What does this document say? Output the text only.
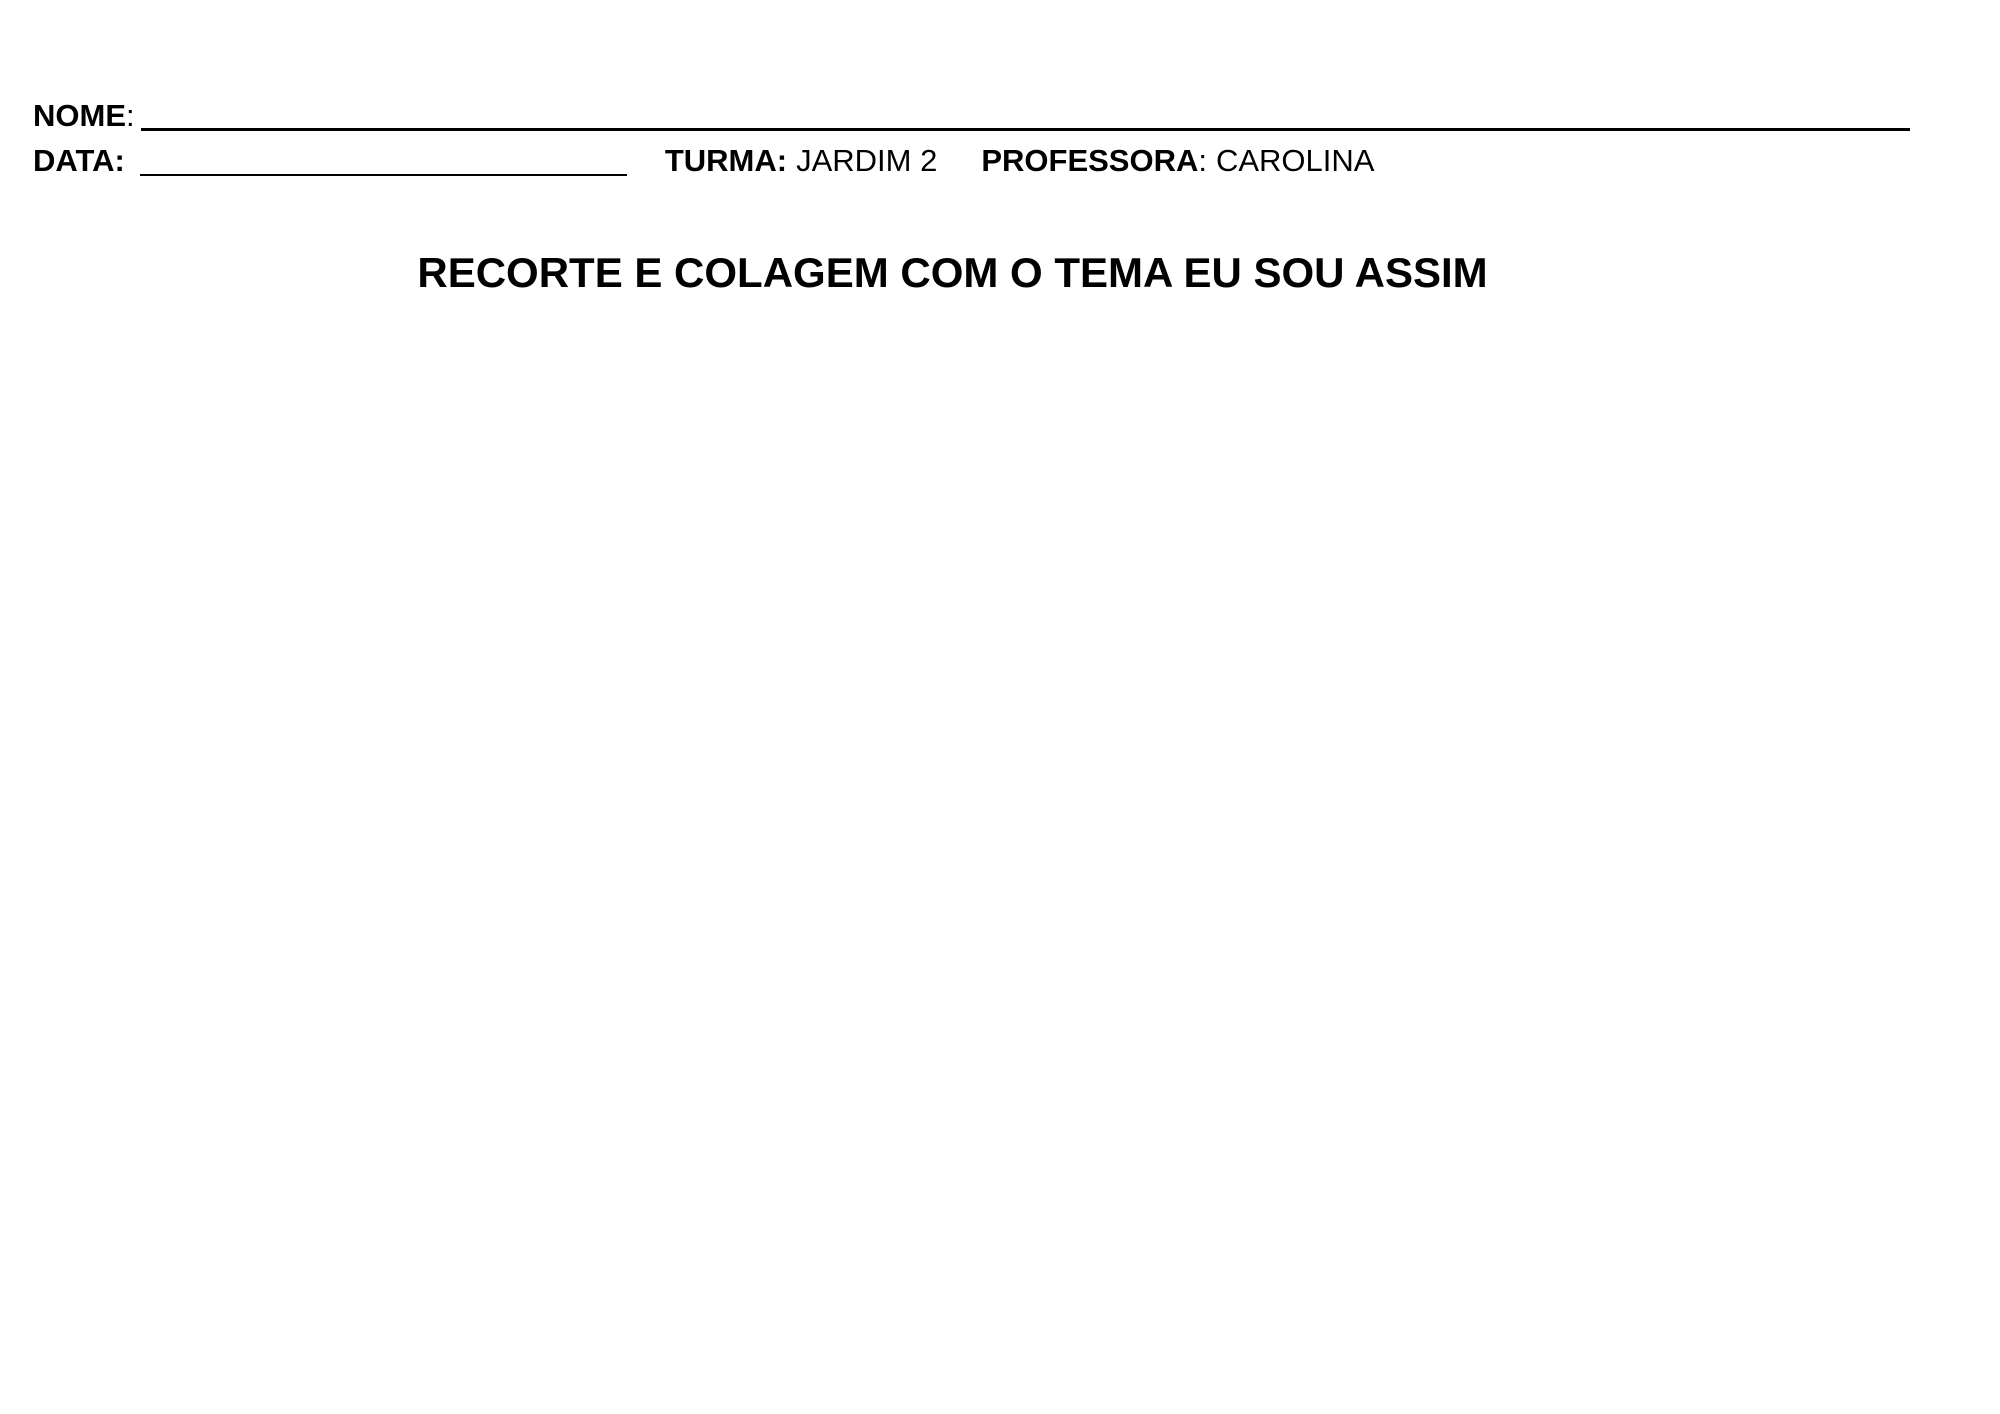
NOME :
DATA:	TURMA: JARDIM 2 PROFESSORA : CAROLINA
RECORTE E COLAGEM COM O TEMA EU SOU ASSIM
